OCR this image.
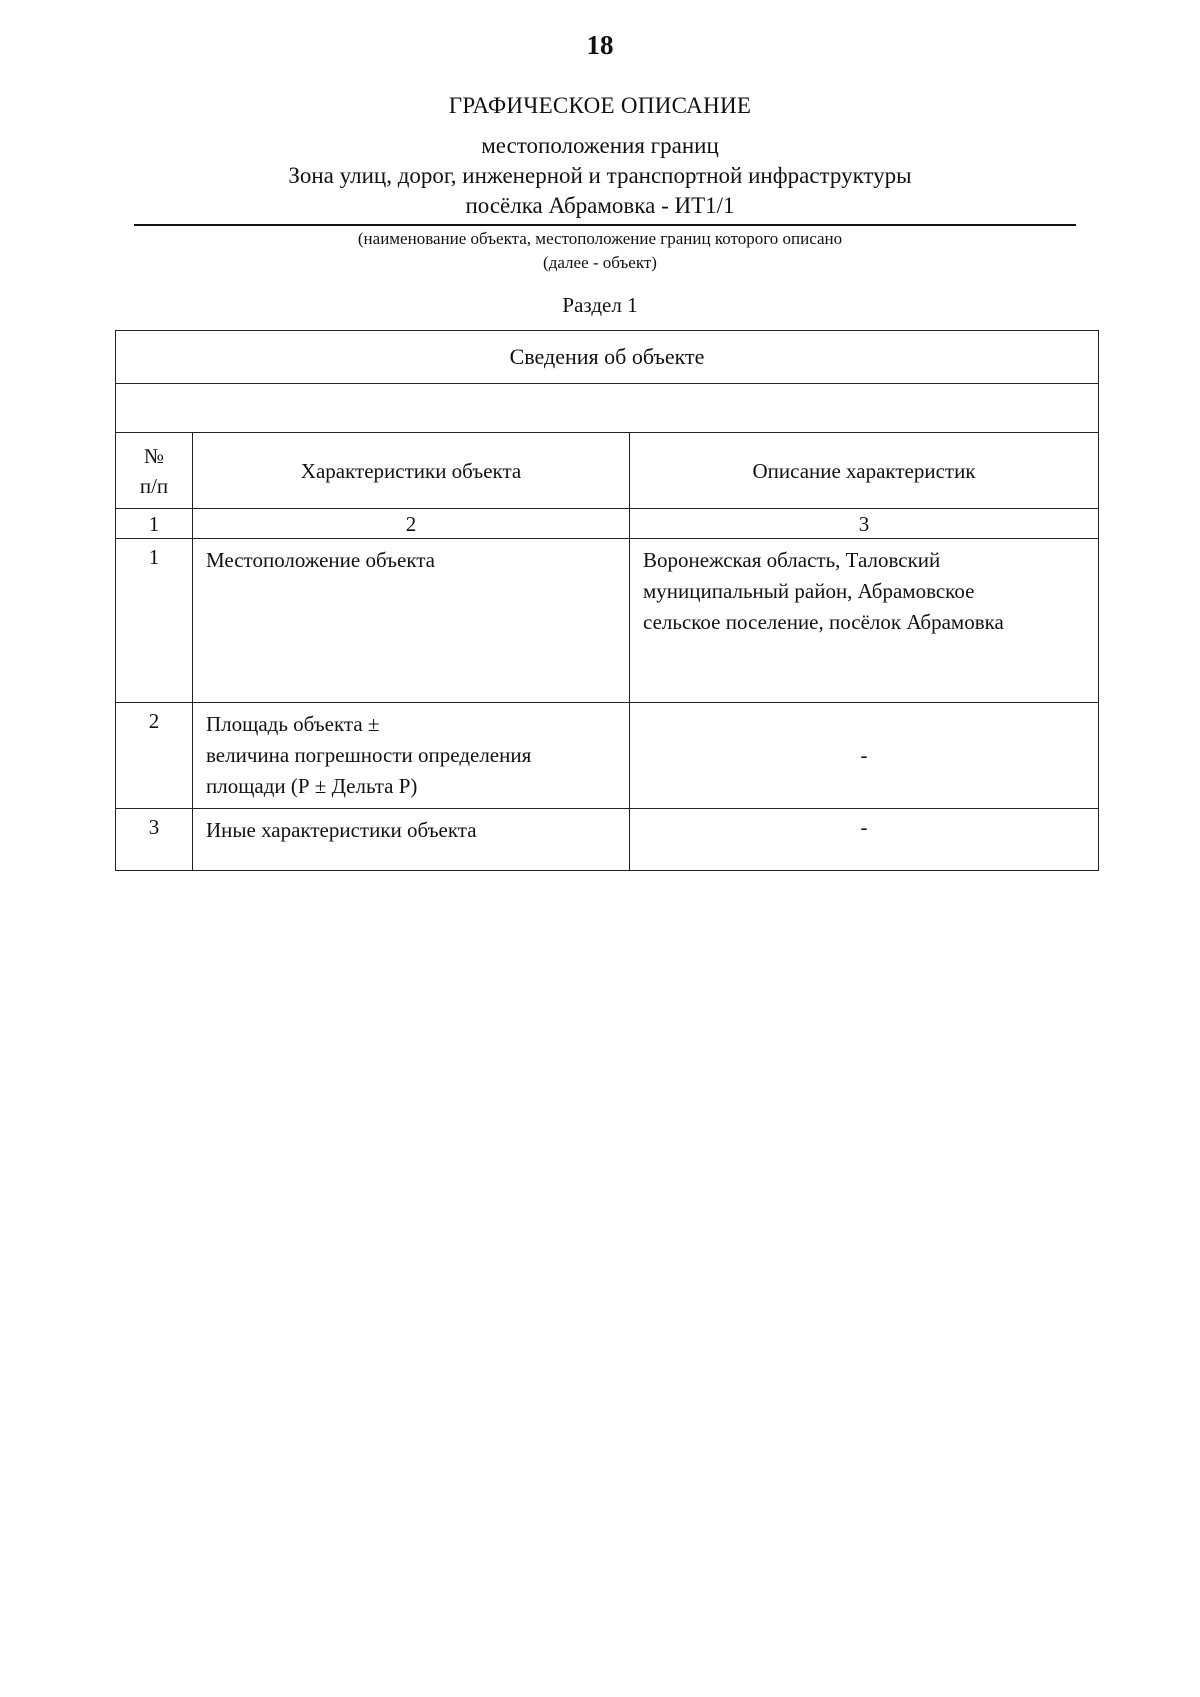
18
ГРАФИЧЕСКОЕ ОПИСАНИЕ
местоположения границ
Зона улиц, дорог, инженерной и транспортной инфраструктуры
посёлка Абрамовка - ИТ1/1
(наименование объекта, местоположение границ которого описано
(далее - объект)
Раздел 1
Сведения об объекте		

№
п/п	Характеристики объекта	Описание характеристик
1	2	3
1	Местоположение объекта	Воронежская область, Таловский
муниципальный район, Абрамовское
сельское поселение, посёлок Абрамовка

2	Площадь объекта ±
величина погрешности определения
площади (Р ± Дельта Р)	-
3	Иные характеристики объекта	-
